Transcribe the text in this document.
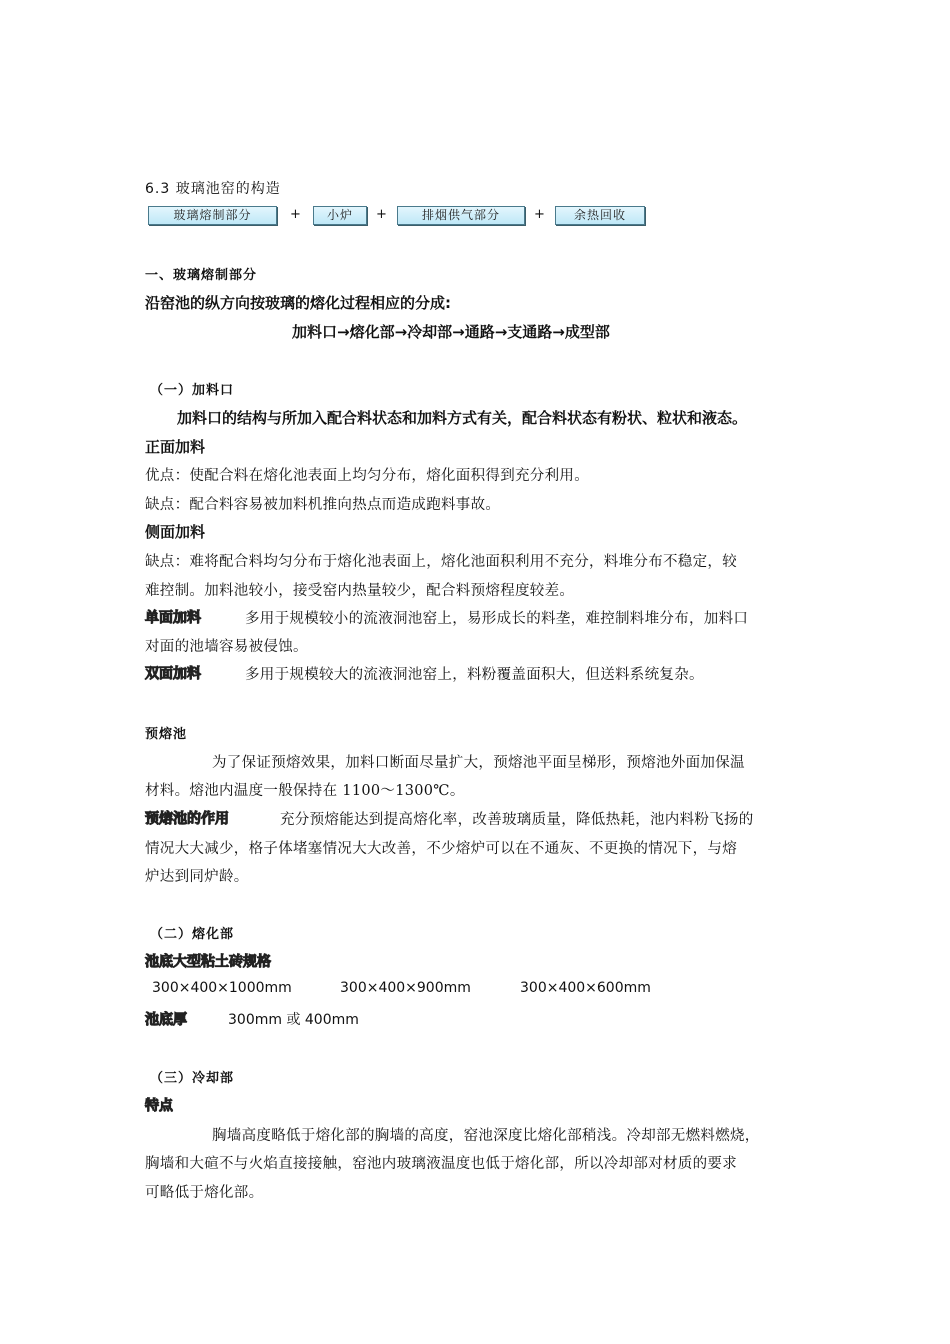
6.3 玻璃池窑的构造
玻璃熔制部分	+	小炉	+	排烟供气部分	+	余热回收
一、玻璃熔制部分
沿窑池的纵方向按玻璃的熔化过程相应的分成:
加料口→熔化部→冷却部→通路→支通路→成型部
（一）加料口
加料口的结构与所加入配合料状态和加料方式有关，配合料状态有粉状、粒状和液态。
正面加料
优点：使配合料在熔化池表面上均匀分布，熔化面积得到充分利用。
缺点：配合料容易被加料机推向热点而造成跑料事故。
侧面加料
缺点：难将配合料均匀分布于熔化池表面上，熔化池面积利用不充分，料堆分布不稳定，较
难控制。加料池较小，接受窑内热量较少，配合料预熔程度较差。
单面加料	多用于规模较小的流液洞池窑上，易形成长的料垄，难控制料堆分布，加料口
对面的池墙容易被侵蚀。
双面加料	多用于规模较大的流液洞池窑上，料粉覆盖面积大，但送料系统复杂。
预熔池
为了保证预熔效果，加料口断面尽量扩大，预熔池平面呈梯形，预熔池外面加保温
材料。熔池内温度一般保持在 1100～1300℃。
预熔池的作用	充分预熔能达到提高熔化率，改善玻璃质量，降低热耗，池内料粉飞扬的
情况大大减少，格子体堵塞情况大大改善，不少熔炉可以在不通灰、不更换的情况下，与熔
炉达到同炉龄。
（二）熔化部
池底大型粘土砖规格
300×400×1000mm	300×400×900mm	300×400×600mm
池底厚	300mm 或 400mm
（三）冷却部
特点
胸墙高度略低于熔化部的胸墙的高度，窑池深度比熔化部稍浅。冷却部无燃料燃烧，
胸墙和大碹不与火焰直接接触，窑池内玻璃液温度也低于熔化部，所以冷却部对材质的要求
可略低于熔化部。
